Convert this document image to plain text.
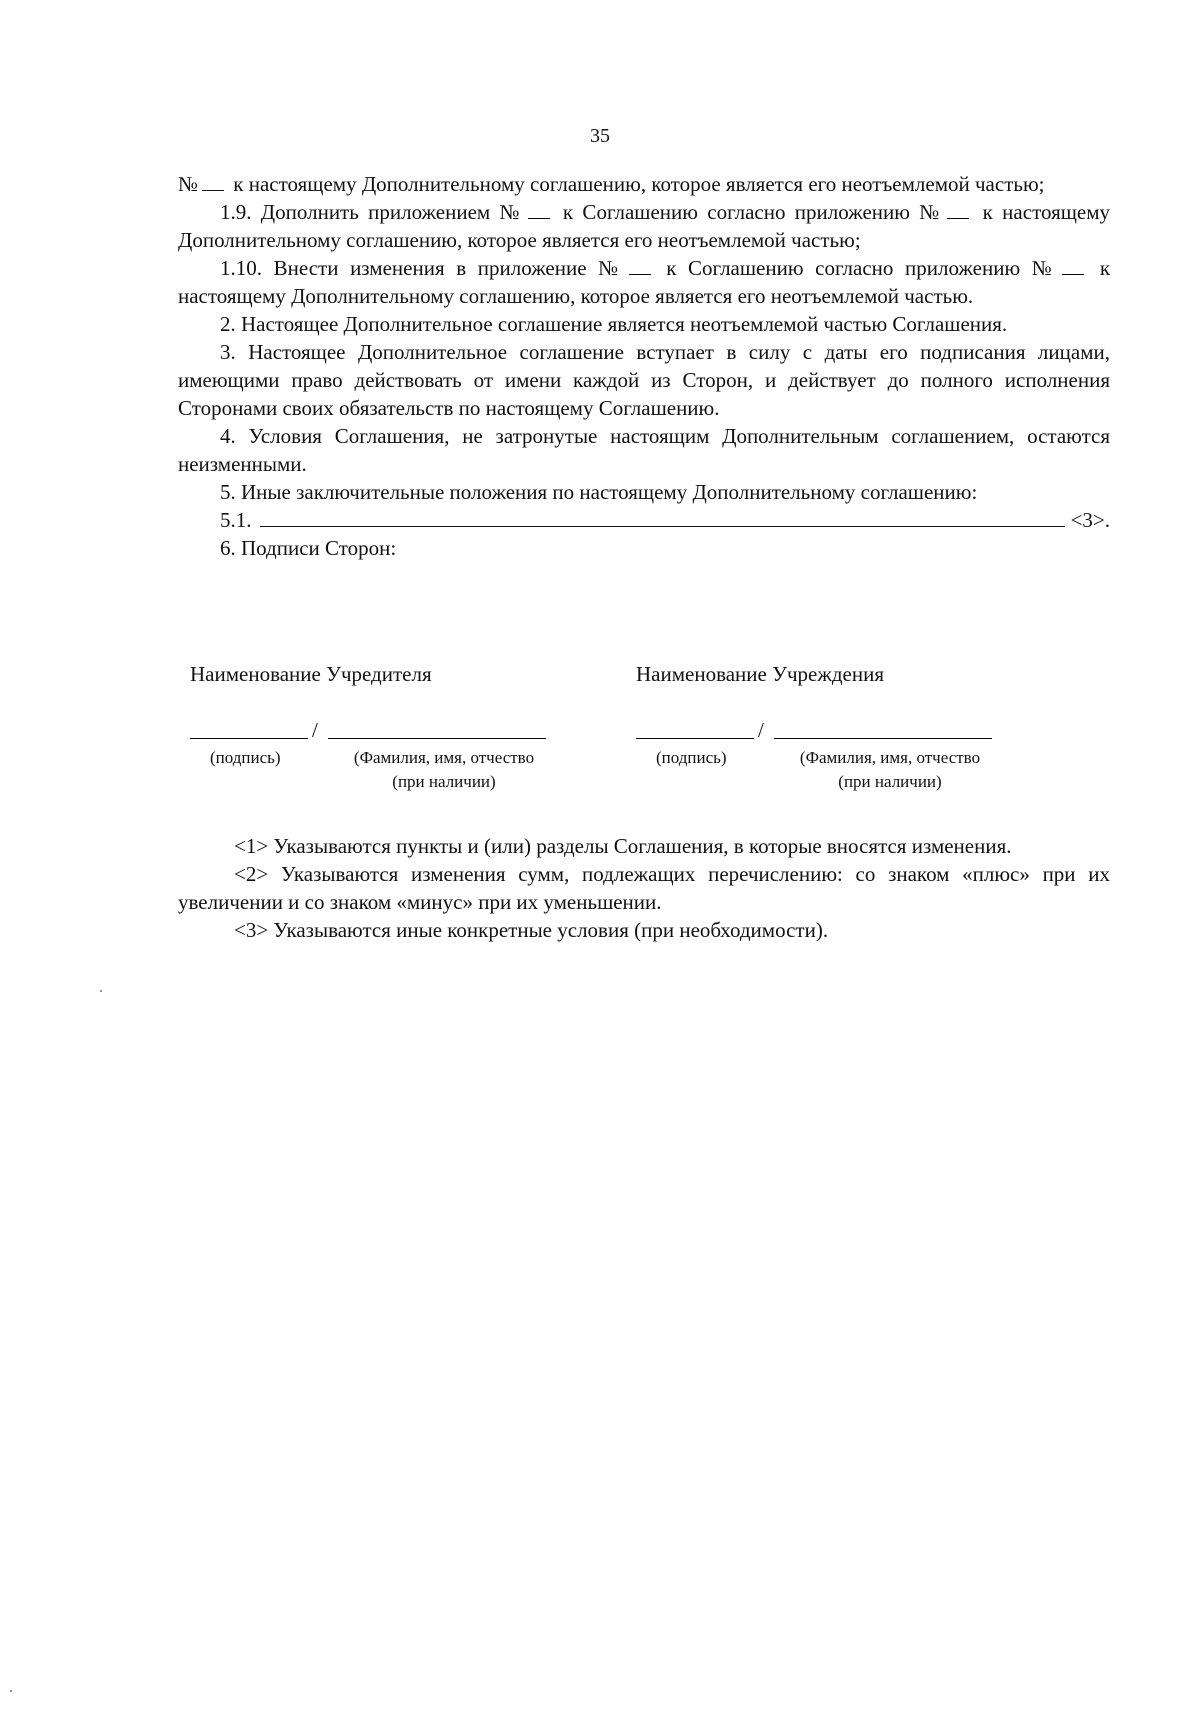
35

№ к настоящему Дополнительному соглашению, которое является его неотъемлемой частью;

1.9. Дополнить приложением № к Соглашению согласно приложению № к настоящему Дополнительному соглашению, которое является его неотъемлемой частью;

1.10. Внести изменения в приложение № к Соглашению согласно приложению № к настоящему Дополнительному соглашению, которое является его неотъемлемой частью.

2. Настоящее Дополнительное соглашение является неотъемлемой частью Соглашения.

3. Настоящее Дополнительное соглашение вступает в силу с даты его подписания лицами, имеющими право действовать от имени каждой из Сторон, и действует до полного исполнения Сторонами своих обязательств по настоящему Соглашению.

4. Условия Соглашения, не затронутые настоящим Дополнительным соглашением, остаются неизменными.

5. Иные заключительные положения по настоящему Дополнительному соглашению:

5.1.	<3>.

6. Подписи Сторон:

Наименование Учредителя
/
(подпись)	(Фамилия, имя, отчество
(при наличии)
Наименование Учреждения
/
(подпись)	(Фамилия, имя, отчество
(при наличии)

<1> Указываются пункты и (или) разделы Соглашения, в которые вносятся изменения.

<2> Указываются изменения сумм, подлежащих перечислению: со знаком «плюс» при их увеличении и со знаком «минус» при их уменьшении.

<3> Указываются иные конкретные условия (при необходимости).
